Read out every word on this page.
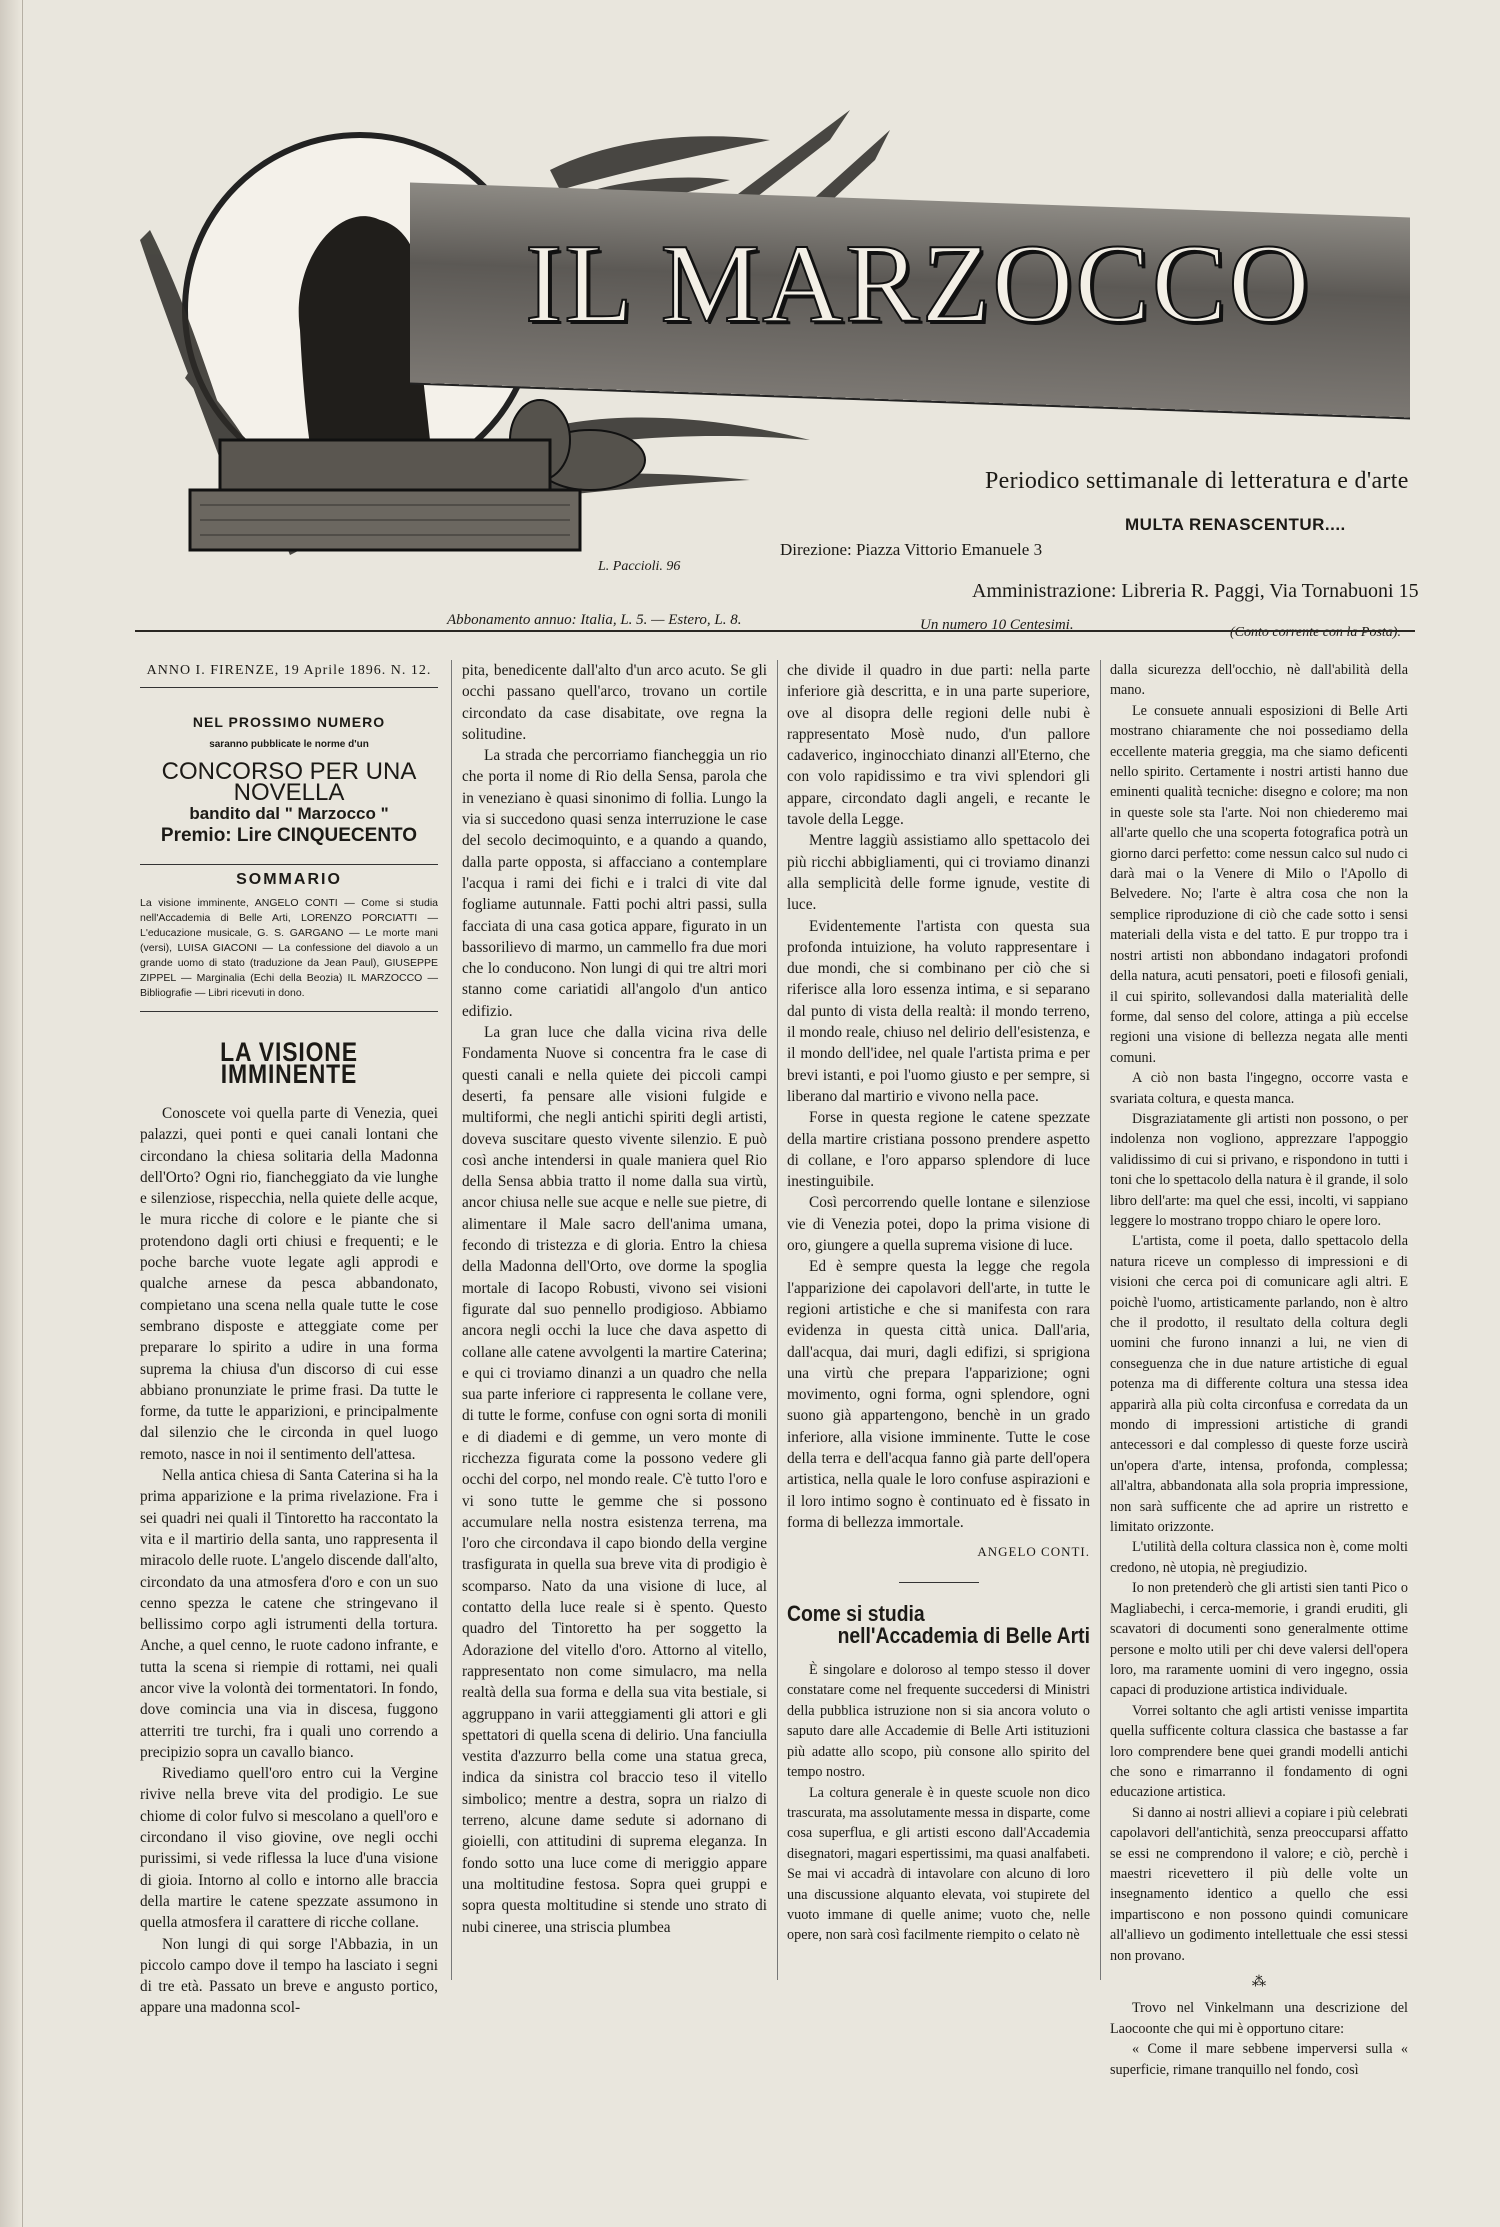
IL MARZOCCO
L. Paccioli. 96
Periodico settimanale di letteratura e d'arte
MULTA RENASCENTUR....
Direzione: Piazza Vittorio Emanuele 3
Amministrazione: Libreria R. Paggi, Via Tornabuoni 15
Abbonamento annuo: Italia, L. 5. — Estero, L. 8.	Un numero 10 Centesimi.	(Conto corrente con la Posta).
ANNO I. FIRENZE, 19 Aprile 1896. N. 12.
NEL PROSSIMO NUMERO
saranno pubblicate le norme d'un
CONCORSO PER UNA NOVELLA
bandito dal " Marzocco "
Premio: Lire CINQUECENTO
SOMMARIO
La visione imminente, ANGELO CONTI — Come si studia nell'Accademia di Belle Arti, LORENZO PORCIATTI — L'educazione musicale, G. S. GARGANO — Le morte mani (versi), LUISA GIACONI — La confessione del diavolo a un grande uomo di stato (traduzione da Jean Paul), GIUSEPPE ZIPPEL — Marginalia (Echi della Beozia) IL MARZOCCO — Bibliografie — Libri ricevuti in dono.
LA VISIONE IMMINENTE

Conoscete voi quella parte di Venezia, quei palazzi, quei ponti e quei canali lontani che circondano la chiesa solitaria della Madonna dell'Orto? Ogni rio, fiancheggiato da vie lunghe e silenziose, rispecchia, nella quiete delle acque, le mura ricche di colore e le piante che si protendono dagli orti chiusi e frequenti; e le poche barche vuote legate agli approdi e qualche arnese da pesca abbandonato, compietano una scena nella quale tutte le cose sembrano disposte e atteggiate come per preparare lo spirito a udire in una forma suprema la chiusa d'un discorso di cui esse abbiano pronunziate le prime frasi. Da tutte le forme, da tutte le apparizioni, e principalmente dal silenzio che le circonda in quel luogo remoto, nasce in noi il sentimento dell'attesa.

Nella antica chiesa di Santa Caterina si ha la prima apparizione e la prima rivelazione. Fra i sei quadri nei quali il Tintoretto ha raccontato la vita e il martirio della santa, uno rappresenta il miracolo delle ruote. L'angelo discende dall'alto, circondato da una atmosfera d'oro e con un suo cenno spezza le catene che stringevano il bellissimo corpo agli istrumenti della tortura. Anche, a quel cenno, le ruote cadono infrante, e tutta la scena si riempie di rottami, nei quali ancor vive la volontà dei tormentatori. In fondo, dove comincia una via in discesa, fuggono atterriti tre turchi, fra i quali uno correndo a precipizio sopra un cavallo bianco.

Rivediamo quell'oro entro cui la Vergine rivive nella breve vita del prodigio. Le sue chiome di color fulvo si mescolano a quell'oro e circondano il viso giovine, ove negli occhi purissimi, si vede riflessa la luce d'una visione di gioia. Intorno al collo e intorno alle braccia della martire le catene spezzate assumono in quella atmosfera il carattere di ricche collane.

Non lungi di qui sorge l'Abbazia, in un piccolo campo dove il tempo ha lasciato i segni di tre età. Passato un breve e angusto portico, appare una madonna scol-

pita, benedicente dall'alto d'un arco acuto. Se gli occhi passano quell'arco, trovano un cortile circondato da case disabitate, ove regna la solitudine.

La strada che percorriamo fiancheggia un rio che porta il nome di Rio della Sensa, parola che in veneziano è quasi sinonimo di follia. Lungo la via si succedono quasi senza interruzione le case del secolo decimoquinto, e a quando a quando, dalla parte opposta, si affacciano a contemplare l'acqua i rami dei fichi e i tralci di vite dal fogliame autunnale. Fatti pochi altri passi, sulla facciata di una casa gotica appare, figurato in un bassorilievo di marmo, un cammello fra due mori che lo conducono. Non lungi di qui tre altri mori stanno come cariatidi all'angolo d'un antico edifizio.

La gran luce che dalla vicina riva delle Fondamenta Nuove si concentra fra le case di questi canali e nella quiete dei piccoli campi deserti, fa pensare alle visioni fulgide e multiformi, che negli antichi spiriti degli artisti, doveva suscitare questo vivente silenzio. E può così anche intendersi in quale maniera quel Rio della Sensa abbia tratto il nome dalla sua virtù, ancor chiusa nelle sue acque e nelle sue pietre, di alimentare il Male sacro dell'anima umana, fecondo di tristezza e di gloria. Entro la chiesa della Madonna dell'Orto, ove dorme la spoglia mortale di Iacopo Robusti, vivono sei visioni figurate dal suo pennello prodigioso. Abbiamo ancora negli occhi la luce che dava aspetto di collane alle catene avvolgenti la martire Caterina; e qui ci troviamo dinanzi a un quadro che nella sua parte inferiore ci rappresenta le collane vere, di tutte le forme, confuse con ogni sorta di monili e di diademi e di gemme, un vero monte di ricchezza figurata come la possono vedere gli occhi del corpo, nel mondo reale. C'è tutto l'oro e vi sono tutte le gemme che si possono accumulare nella nostra esistenza terrena, ma l'oro che circondava il capo biondo della vergine trasfigurata in quella sua breve vita di prodigio è scomparso. Nato da una visione di luce, al contatto della luce reale si è spento. Questo quadro del Tintoretto ha per soggetto la Adorazione del vitello d'oro. Attorno al vitello, rappresentato non come simulacro, ma nella realtà della sua forma e della sua vita bestiale, si aggruppano in varii atteggiamenti gli attori e gli spettatori di quella scena di delirio. Una fanciulla vestita d'azzurro bella come una statua greca, indica da sinistra col braccio teso il vitello simbolico; mentre a destra, sopra un rialzo di terreno, alcune dame sedute si adornano di gioielli, con attitudini di suprema eleganza. In fondo sotto una luce come di meriggio appare una moltitudine festosa. Sopra quei gruppi e sopra questa moltitudine si stende uno strato di nubi cineree, una striscia plumbea

che divide il quadro in due parti: nella parte inferiore già descritta, e in una parte superiore, ove al disopra delle regioni delle nubi è rappresentato Mosè nudo, d'un pallore cadaverico, inginocchiato dinanzi all'Eterno, che con volo rapidissimo e tra vivi splendori gli appare, circondato dagli angeli, e recante le tavole della Legge.

Mentre laggiù assistiamo allo spettacolo dei più ricchi abbigliamenti, qui ci troviamo dinanzi alla semplicità delle forme ignude, vestite di luce.

Evidentemente l'artista con questa sua profonda intuizione, ha voluto rappresentare i due mondi, che si combinano per ciò che si riferisce alla loro essenza intima, e si separano dal punto di vista della realtà: il mondo terreno, il mondo reale, chiuso nel delirio dell'esistenza, e il mondo dell'idee, nel quale l'artista prima e per brevi istanti, e poi l'uomo giusto e per sempre, si liberano dal martirio e vivono nella pace.

Forse in questa regione le catene spezzate della martire cristiana possono prendere aspetto di collane, e l'oro apparso splendore di luce inestinguibile.

Così percorrendo quelle lontane e silenziose vie di Venezia potei, dopo la prima visione di oro, giungere a quella suprema visione di luce.

Ed è sempre questa la legge che regola l'apparizione dei capolavori dell'arte, in tutte le regioni artistiche e che si manifesta con rara evidenza in questa città unica. Dall'aria, dall'acqua, dai muri, dagli edifizi, si sprigiona una virtù che prepara l'apparizione; ogni movimento, ogni forma, ogni splendore, ogni suono già appartengono, benchè in un grado inferiore, alla visione imminente. Tutte le cose della terra e dell'acqua fanno già parte dell'opera artistica, nella quale le loro confuse aspirazioni e il loro intimo sogno è continuato ed è fissato in forma di bellezza immortale.

ANGELO CONTI.
Come si studia
nell'Accademia di Belle Arti

È singolare e doloroso al tempo stesso il dover constatare come nel frequente succedersi di Ministri della pubblica istruzione non si sia ancora voluto o saputo dare alle Accademie di Belle Arti istituzioni più adatte allo scopo, più consone allo spirito del tempo nostro.

La coltura generale è in queste scuole non dico trascurata, ma assolutamente messa in disparte, come cosa superflua, e gli artisti escono dall'Accademia disegnatori, magari espertissimi, ma quasi analfabeti. Se mai vi accadrà di intavolare con alcuno di loro una discussione alquanto elevata, voi stupirete del vuoto immane di quelle anime; vuoto che, nelle opere, non sarà così facilmente riempito o celato nè

dalla sicurezza dell'occhio, nè dall'abilità della mano.

Le consuete annuali esposizioni di Belle Arti mostrano chiaramente che noi possediamo della eccellente materia greggia, ma che siamo deficenti nello spirito. Certamente i nostri artisti hanno due eminenti qualità tecniche: disegno e colore; ma non in queste sole sta l'arte. Noi non chiederemo mai all'arte quello che una scoperta fotografica potrà un giorno darci perfetto: come nessun calco sul nudo ci darà mai o la Venere di Milo o l'Apollo di Belvedere. No; l'arte è altra cosa che non la semplice riproduzione di ciò che cade sotto i sensi materiali della vista e del tatto. E pur troppo tra i nostri artisti non abbondano indagatori profondi della natura, acuti pensatori, poeti e filosofi geniali, il cui spirito, sollevandosi dalla materialità delle forme, dal senso del colore, attinga a più eccelse regioni una visione di bellezza negata alle menti comuni.

A ciò non basta l'ingegno, occorre vasta e svariata coltura, e questa manca.

Disgraziatamente gli artisti non possono, o per indolenza non vogliono, apprezzare l'appoggio validissimo di cui si privano, e rispondono in tutti i toni che lo spettacolo della natura è il grande, il solo libro dell'arte: ma quel che essi, incolti, vi sappiano leggere lo mostrano troppo chiaro le opere loro.

L'artista, come il poeta, dallo spettacolo della natura riceve un complesso di impressioni e di visioni che cerca poi di comunicare agli altri. E poichè l'uomo, artisticamente parlando, non è altro che il prodotto, il resultato della coltura degli uomini che furono innanzi a lui, ne vien di conseguenza che in due nature artistiche di egual potenza ma di differente coltura una stessa idea apparirà alla più colta circonfusa e corredata da un mondo di impressioni artistiche di grandi antecessori e dal complesso di queste forze uscirà un'opera d'arte, intensa, profonda, complessa; all'altra, abbandonata alla sola propria impressione, non sarà sufficente che ad aprire un ristretto e limitato orizzonte.

L'utilità della coltura classica non è, come molti credono, nè utopia, nè pregiudizio.

Io non pretenderò che gli artisti sien tanti Pico o Magliabechi, i cerca-memorie, i grandi eruditi, gli scavatori di documenti sono generalmente ottime persone e molto utili per chi deve valersi dell'opera loro, ma raramente uomini di vero ingegno, ossia capaci di produzione artistica individuale.

Vorrei soltanto che agli artisti venisse impartita quella sufficente coltura classica che bastasse a far loro comprendere bene quei grandi modelli antichi che sono e rimarranno il fondamento di ogni educazione artistica.

Si danno ai nostri allievi a copiare i più celebrati capolavori dell'antichità, senza preoccuparsi affatto se essi ne comprendono il valore; e ciò, perchè i maestri ricevettero il più delle volte un insegnamento identico a quello che essi impartiscono e non possono quindi comunicare all'allievo un godimento intellettuale che essi stessi non provano.

⁂

Trovo nel Vinkelmann una descrizione del Laocoonte che qui mi è opportuno citare:

« Come il mare sebbene imperversi sulla « superficie, rimane tranquillo nel fondo, così
